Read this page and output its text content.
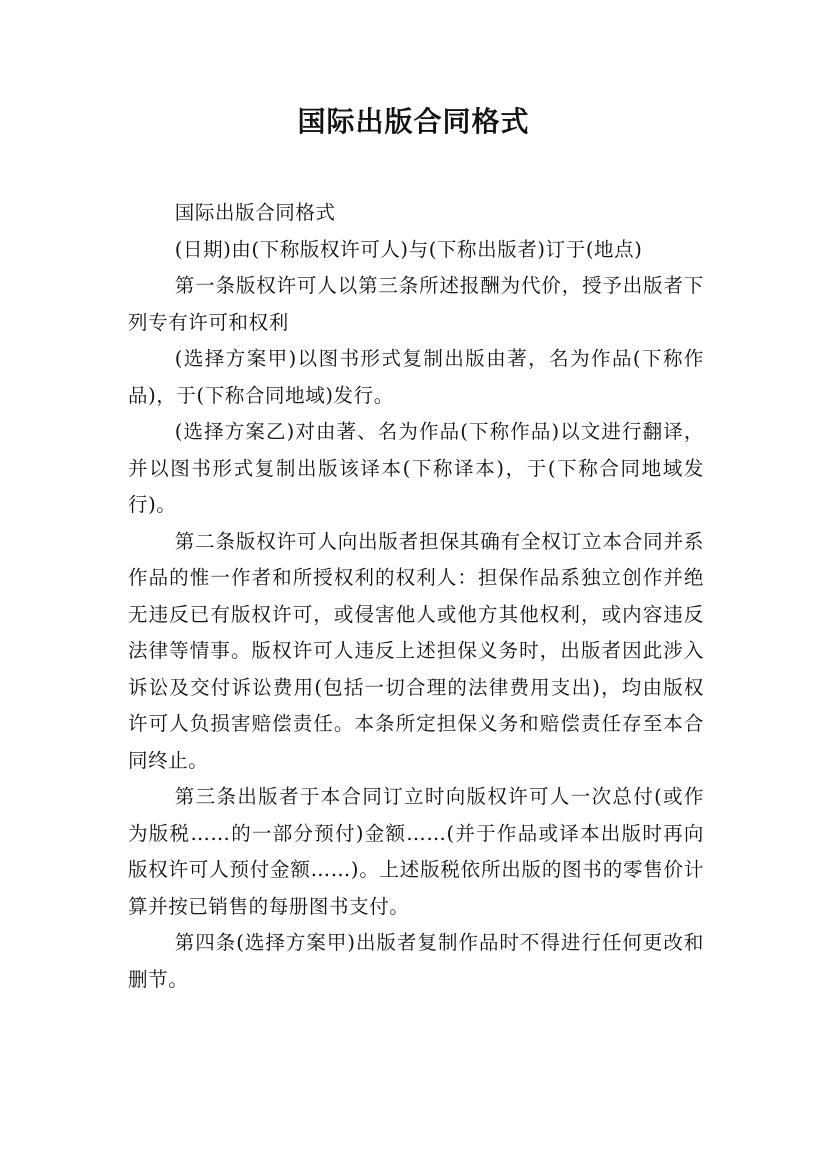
国际出版合同格式

国际出版合同格式

(日期)由(下称版权许可人)与(下称出版者)订于(地点)

第一条版权许可人以第三条所述报酬为代价，授予出版者下列专有许可和权利

(选择方案甲)以图书形式复制出版由著，名为作品(下称作品)，于(下称合同地域)发行。

(选择方案乙)对由著、名为作品(下称作品)以文进行翻译，并以图书形式复制出版该译本(下称译本)，于(下称合同地域发行)。

第二条版权许可人向出版者担保其确有全权订立本合同并系作品的惟一作者和所授权利的权利人：担保作品系独立创作并绝无违反已有版权许可，或侵害他人或他方其他权利，或内容违反法律等情事。版权许可人违反上述担保义务时，出版者因此涉入诉讼及交付诉讼费用(包括一切合理的法律费用支出)，均由版权许可人负损害赔偿责任。本条所定担保义务和赔偿责任存至本合同终止。

第三条出版者于本合同订立时向版权许可人一次总付(或作为版税……的一部分预付)金额……(并于作品或译本出版时再向版权许可人预付金额……)。上述版税依所出版的图书的零售价计算并按已销售的每册图书支付。

第四条(选择方案甲)出版者复制作品时不得进行任何更改和删节。
